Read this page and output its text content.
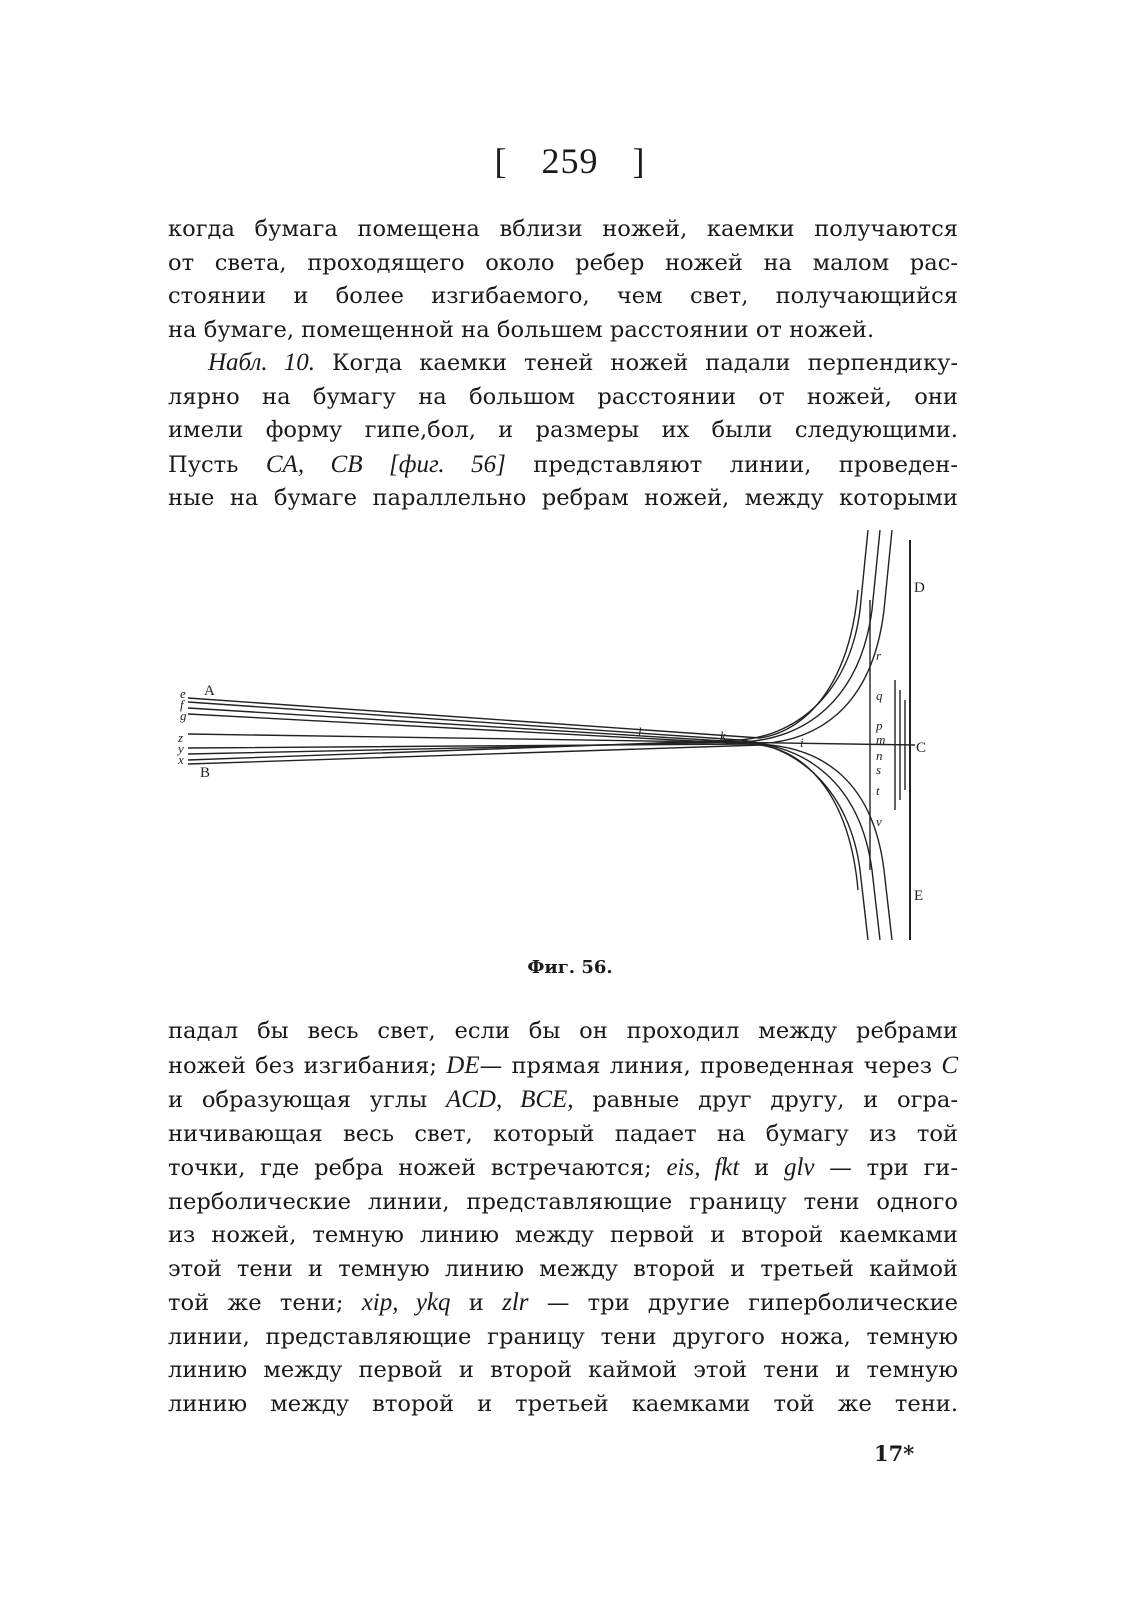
[ 259 ]
когда бумага помещена вблизи ножей, каемки получаются
от света, проходящего около ребер ножей на малом рас-
стоянии и более изгибаемого, чем свет, получающийся
на бумаге, помещенной на большем расстоянии от ножей.
Набл. 10. Когда каемки теней ножей падали перпендику-
лярно на бумагу на большом расстоянии от ножей, они
имели форму гипе,бол, и размеры их были следующими.
Пусть CA, CB [фиг. 56] представляют линии, проведен-
ные на бумаге параллельно ребрам ножей, между которыми
A
B
C
D
E
e
f
g
z
y
x
l	k	i
r
q
p
m
n
s
t
v
Фиг. 56.
падал бы весь свет, если бы он проходил между ребрами
ножей без изгибания; DE— прямая линия, проведенная через C
и образующая углы ACD, BCE, равные друг другу, и огра-
ничивающая весь свет, который падает на бумагу из той
точки, где ребра ножей встречаются; eis, fkt и glv — три ги-
перболические линии, представляющие границу тени одного
из ножей, темную линию между первой и второй каемками
этой тени и темную линию между второй и третьей каймой
той же тени; xip, ykq и zlr — три другие гиперболические
линии, представляющие границу тени другого ножа, темную
линию между первой и второй каймой этой тени и темную
линию между второй и третьей каемками той же тени.
17*
